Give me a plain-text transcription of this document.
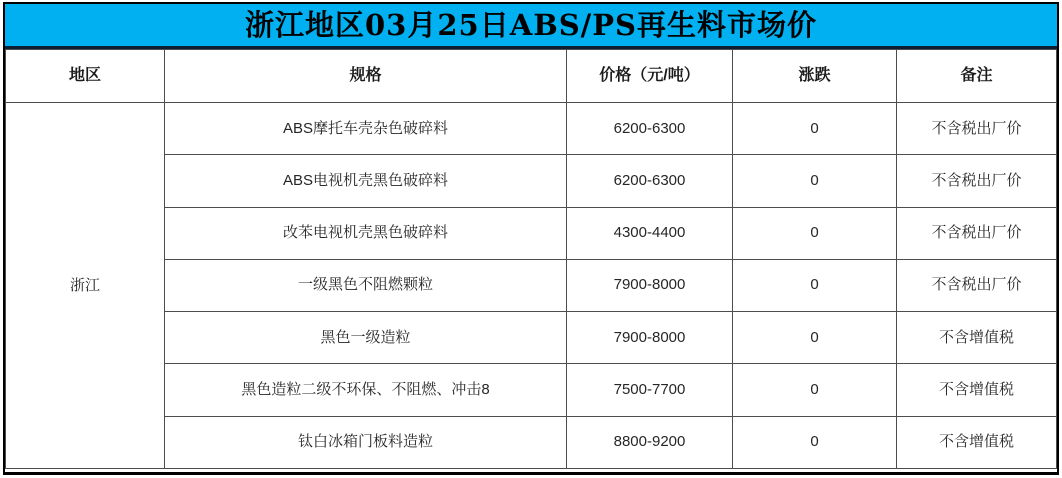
浙江地区03月25日ABS/PS再生料市场价
地区	规格	价格（元/吨）	涨跌	备注
浙江	ABS摩托车壳杂色破碎料	6200-6300	0	不含税出厂价
	ABS电视机壳黑色破碎料	6200-6300	0	不含税出厂价
	改苯电视机壳黑色破碎料	4300-4400	0	不含税出厂价
	一级黑色不阻燃颗粒	7900-8000	0	不含税出厂价
	黑色一级造粒	7900-8000	0	不含增值税
	黑色造粒二级不环保、不阻燃、冲击8	7500-7700	0	不含增值税
	钛白冰箱门板料造粒	8800-9200	0	不含增值税
